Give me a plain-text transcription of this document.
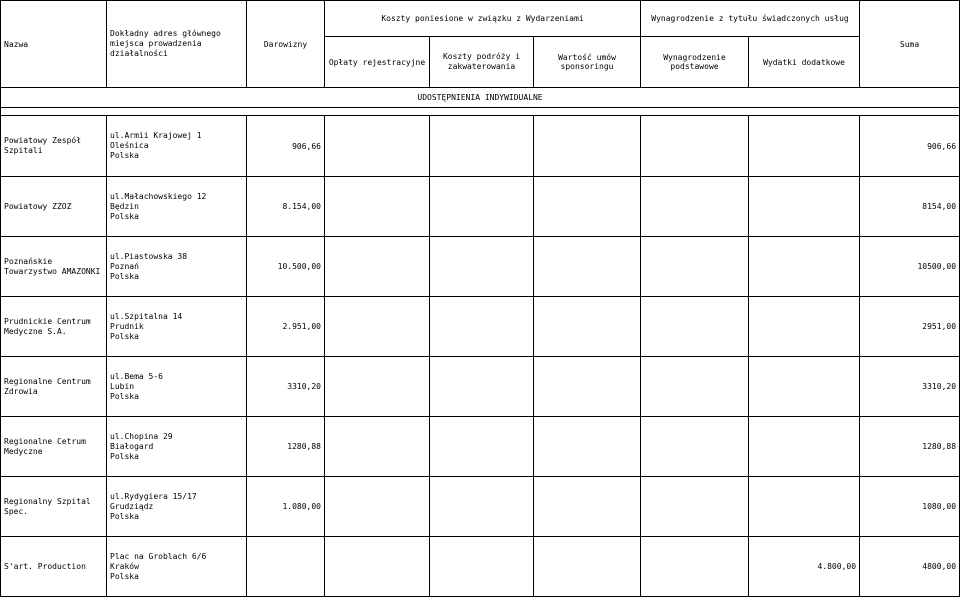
Nazwa	Dokładny adres głównego miejsca prowadzenia działalności	Darowizny	Koszty poniesione w związku z Wydarzeniami			Wynagrodzenie z tytułu świadczonych usług		Suma
			Opłaty rejestracyjne	Koszty podróży i zakwaterowania	Wartość umów sponsoringu	Wynagrodzenie podstawowe	Wydatki dodatkowe	
UDOSTĘPNIENIA INDYWIDUALNE								

Powiatowy Zespół Szpitali	ul.Armii Krajowej 1
Oleśnica
Polska	906,66						906,66
Powiatowy ZZOZ	ul.Małachowskiego 12
Będzin
Polska	8.154,00						8154,00
Poznańskie Towarzystwo AMAZONKI	ul.Piastowska 38
Poznań
Polska	10.500,00						10500,00
Prudnickie Centrum Medyczne S.A.	ul.Szpitalna 14
Prudnik
Polska	2.951,00						2951,00
Regionalne Centrum Zdrowia	ul.Bema 5-6
Lubin
Polska	3310,20						3310,20
Regionalne Cetrum Medyczne	ul.Chopina 29
Białogard
Polska	1280,88						1280,88
Regionalny Szpital Spec.	ul.Rydygiera 15/17
Grudziądz
Polska	1.080,00						1080,00
S'art. Production	Plac na Groblach 6/6
Kraków
Polska						4.800,00	4800,00
